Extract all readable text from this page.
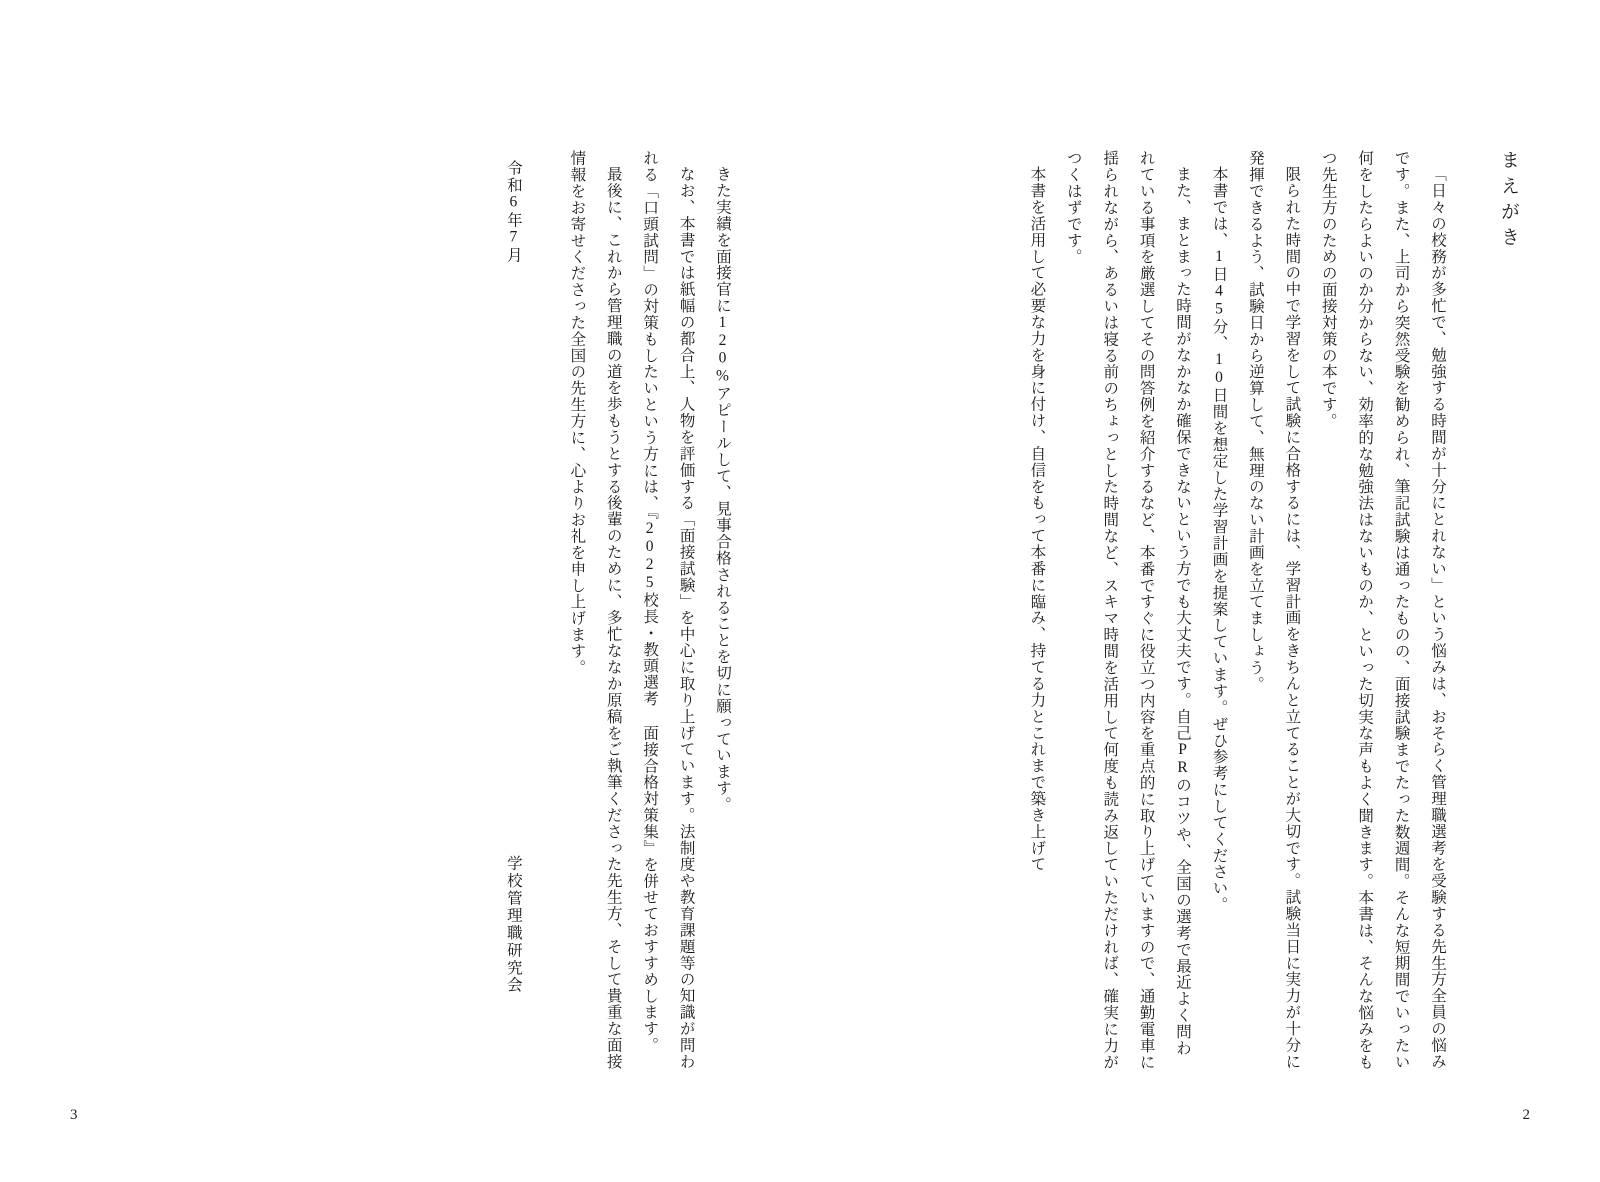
きた実績を面接官に120%アピールして、見事合格されることを切に願っています。

なお、本書では紙幅の都合上、人物を評価する「面接試験」を中心に取り上げています。法制度や教育課題等の知識が問われる「口頭試問」の対策もしたいという方には、『2025校長・教頭選考 面接合格対策集』を併せておすすめします。

最後に、これから管理職の道を歩もうとする後輩のために、多忙ななか原稿をご執筆くださった先生方、そして貴重な面接情報をお寄せくださった全国の先生方に、心よりお礼を申し上げます。

令和6年7月
学校管理職研究会
3
まえがき

「日々の校務が多忙で、勉強する時間が十分にとれない」という悩みは、おそらく管理職選考を受験する先生方全員の悩みです。また、上司から突然受験を勧められ、筆記試験は通ったものの、面接試験までたった数週間。そんな短期間でいったい何をしたらよいのか分からない、効率的な勉強法はないものか、といった切実な声もよく聞きます。本書は、そんな悩みをもつ先生方のための面接対策の本です。

限られた時間の中で学習をして試験に合格するには、学習計画をきちんと立てることが大切です。試験当日に実力が十分に発揮できるよう、試験日から逆算して、無理のない計画を立てましょう。

本書では、1日45分、10日間を想定した学習計画を提案しています。ぜひ参考にしてください。

また、まとまった時間がなかなか確保できないという方でも大丈夫です。自己PRのコツや、全国の選考で最近よく問われている事項を厳選してその問答例を紹介するなど、本番ですぐに役立つ内容を重点的に取り上げていますので、通勤電車に揺られながら、あるいは寝る前のちょっとした時間など、スキマ時間を活用して何度も読み返していただければ、確実に力がつくはずです。

本書を活用して必要な力を身に付け、自信をもって本番に臨み、持てる力とこれまで築き上げて

2
